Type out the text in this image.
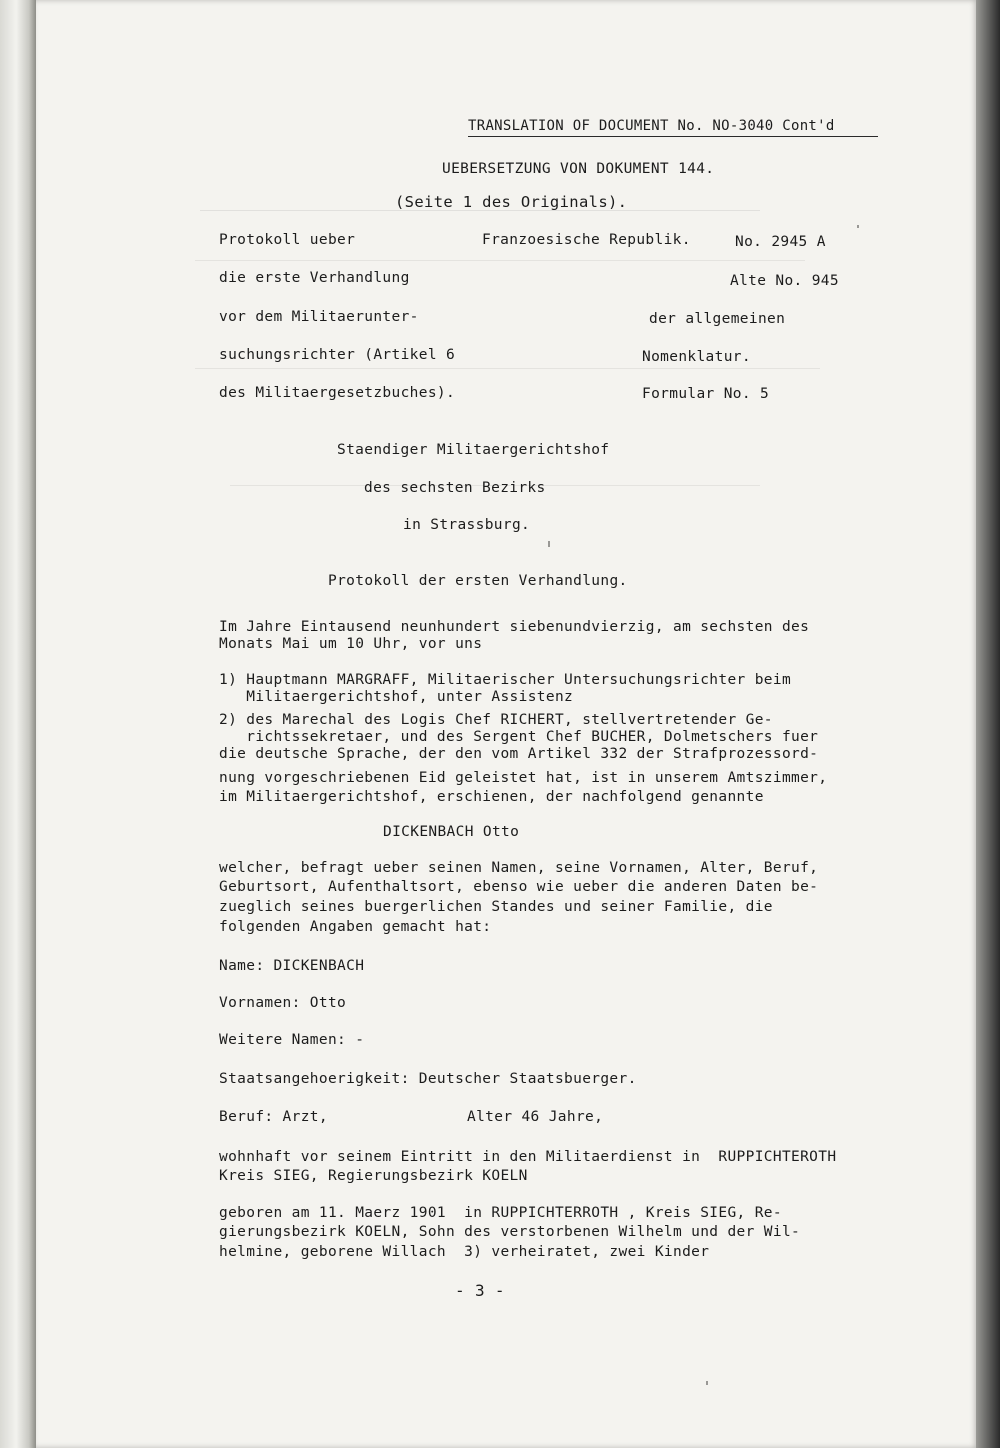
TRANSLATION OF DOCUMENT No. NO-3040 Cont'd
UEBERSETZUNG VON DOKUMENT 144.
(Seite 1 des Originals).
Protokoll ueber
die erste Verhandlung
vor dem Militaerunter-
suchungsrichter (Artikel 6
des Militaergesetzbuches).
Franzoesische Republik.	No. 2945 A
Alte No. 945
der allgemeinen
Nomenklatur.
Formular No. 5
Staendiger Militaergerichtshof
des sechsten Bezirks
in Strassburg.
Protokoll der ersten Verhandlung.
Im Jahre Eintausend neunhundert siebenundvierzig, am sechsten des
Monats Mai um 10 Uhr, vor uns
1) Hauptmann MARGRAFF, Militaerischer Untersuchungsrichter beim
Militaergerichtshof, unter Assistenz
2) des Marechal des Logis Chef RICHERT, stellvertretender Ge-
richtssekretaer, und des Sergent Chef BUCHER, Dolmetschers fuer
die deutsche Sprache, der den vom Artikel 332 der Strafprozessord-
nung vorgeschriebenen Eid geleistet hat, ist in unserem Amtszimmer,
im Militaergerichtshof, erschienen, der nachfolgend genannte
DICKENBACH Otto
welcher, befragt ueber seinen Namen, seine Vornamen, Alter, Beruf,
Geburtsort, Aufenthaltsort, ebenso wie ueber die anderen Daten be-
zueglich seines buergerlichen Standes und seiner Familie, die
folgenden Angaben gemacht hat:
Name: DICKENBACH
Vornamen: Otto
Weitere Namen: -
Staatsangehoerigkeit: Deutscher Staatsbuerger.
Beruf: Arzt,	Alter 46 Jahre,
wohnhaft vor seinem Eintritt in den Militaerdienst in  RUPPICHTEROTH
Kreis SIEG, Regierungsbezirk KOELN
geboren am 11. Maerz 1901  in RUPPICHTERROTH , Kreis SIEG, Re-
gierungsbezirk KOELN, Sohn des verstorbenen Wilhelm und der Wil-
helmine, geborene Willach  3) verheiratet, zwei Kinder
- 3 -
